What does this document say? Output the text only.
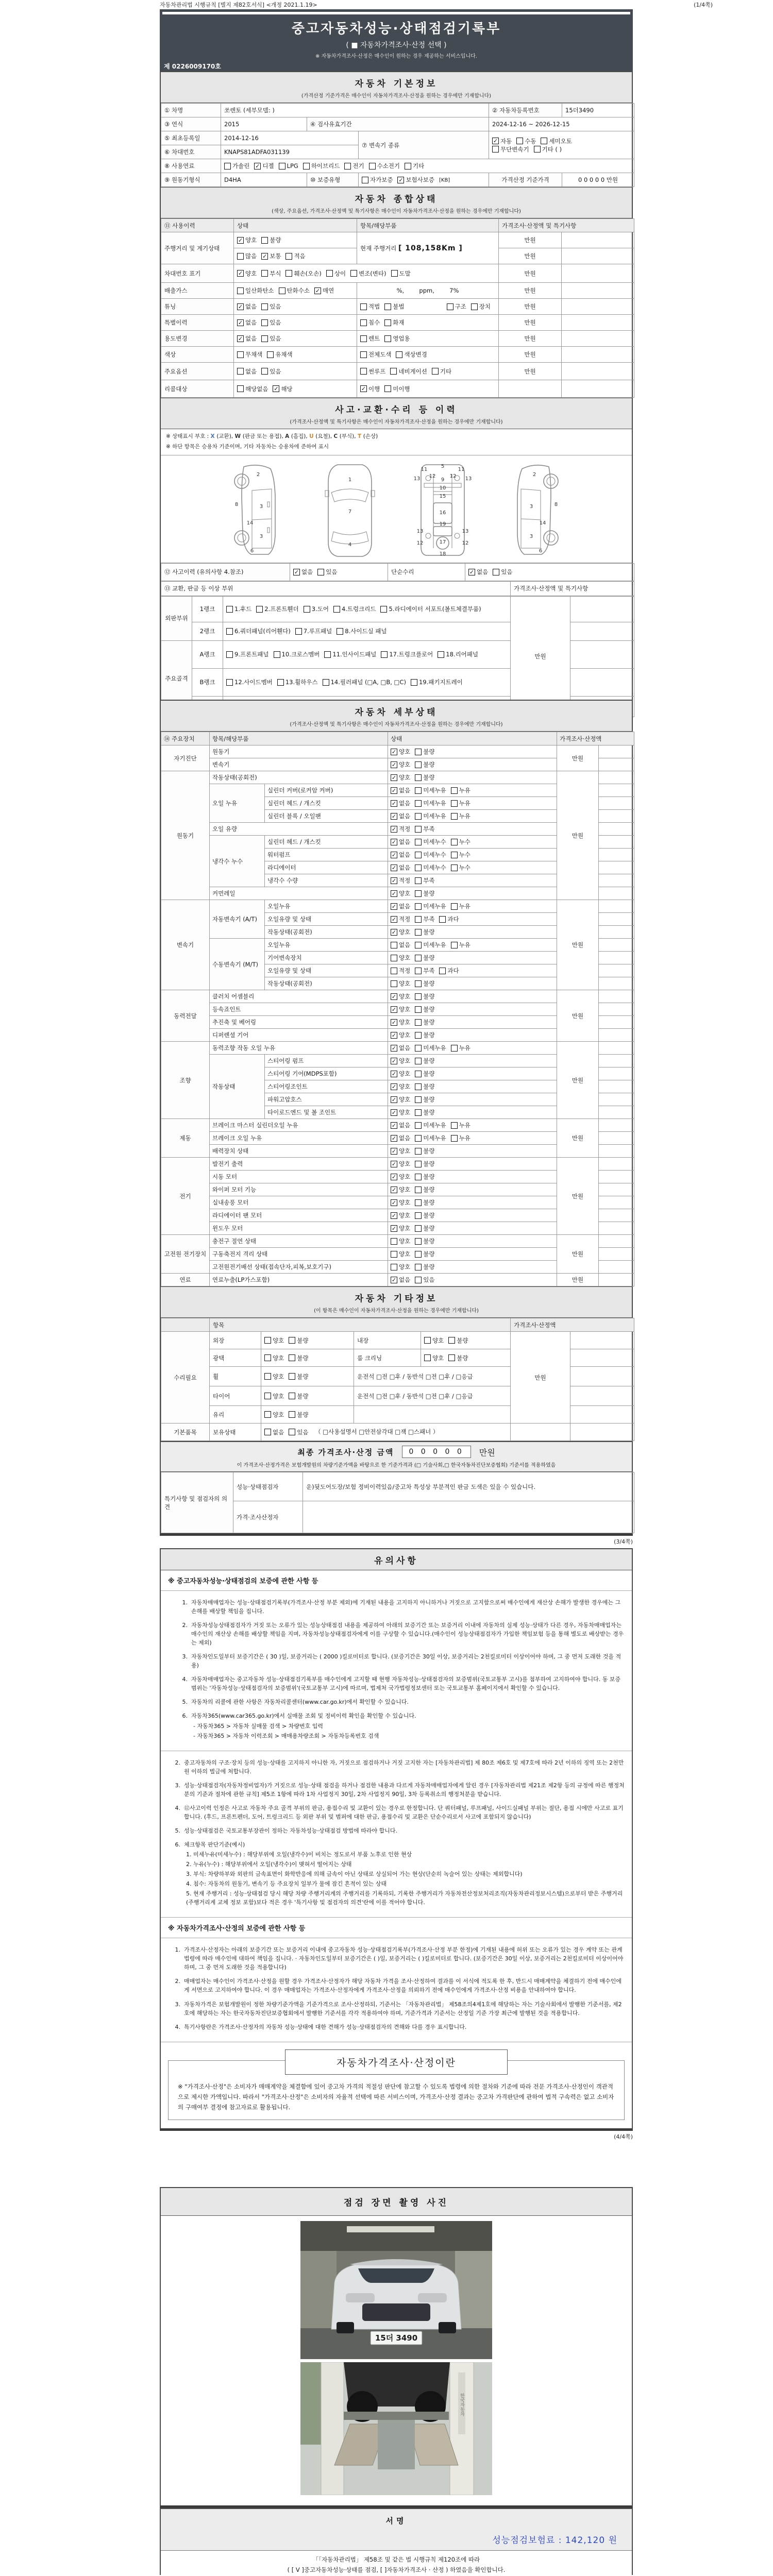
자동차관리법 시행규칙 [별지 제82호서식] <개정 2021.1.19>	(1/4쪽)
중고자동차성능·상태점검기록부
( ■ 자동차가격조사·산정 선택 )
※ 자동차가격조사·산정은 매수인이 원하는 경우 제공하는 서비스입니다.
제 0226009170호
자동차 기본정보
(가격산정 기준가격은 매수인이 자동차가격조사·산정을 원하는 경우에만 기재합니다)
① 차명	쏘렌토 (세부모델: )			② 자동차등록번호	15더3490
③ 연식	2015	④ 검사유효기간		2024-12-16 ~ 2026-12-15	
⑤ 최초등록일	2014-12-16	⑦ 변속기 종류	
✓ 자동 수동 세미오토
무단변속기 기타 ( )

⑥ 차대번호	KNAPS81ADFA031139				
⑧ 사용연료	가솔린 ✓ 디젤 LPG 하이브리드 전기 수소전기 기타

⑨ 원동기형식	D4HA	⑩ 보증유형	자가보증 ✓ 보험사보증 [KB]	가격산정 기준가격	0 0 0 0 0 만원
자동차 종합상태
(색상, 주요옵션, 가격조사·산정액 및 특기사항은 매수인이 자동차가격조사·산정을 원하는 경우에만 기재합니다)
⑪ 사용이력	상태	항목/해당부품	가격조사·산정액 및 특기사항	
주행거리 및 계기상태	✓ 양호 불량	현재 주행거리 [ 108,158Km ]	만원	

	많음 ✓ 보통 적음		만원	
차대번호 표기	✓ 양호 부식 훼손(오손) 상이 변조(변타) 도말	만원	
배출가스	일산화탄소 탄화수소 ✓ 매연	%,        ppm,        7%	만원	
튜닝	✓ 없음 있음	적법 불법 구조 장치	만원	
특별이력	✓ 없음 있음	침수 화재	만원	
용도변경	✓ 없음 있음	렌트 영업용	만원	
색상	무채색 유채색	전체도색 색상변경	만원	
주요옵션	없음 있음	썬루프 네비게이션 기타	만원	
리콜대상	해당없음 ✓ 해당	✓ 이행 미이행		

사고·교환·수리 등 이력
(가격조사·산정액 및 특기사항은 매수인이 자동차가격조사·산정을 원하는 경우에만 기재합니다)
※ 상태표시 부호 : X (교환), W (판금 또는 용접), A (흠집), U (요철), C (부식), T (손상)
※ 하단 항목은 승용차 기준이며, 기타 자동차는 승용차에 준하여 표시
2
8	3
14
3
6
1
7
4
11
5
11
13 12	12 13
9
10
15
16
19
13	13
12	17	12
18
2
3	8
14
3
6
⑫ 사고이력 (유의사항 4.참조)	✓ 없음 있음	단순수리	✓ 없음 있음
⑬ 교환, 판금 등 이상 부위	가격조사·산정액 및 특기사항
외판부위	1랭크	1.후드 2.프론트휀더 3.도어 4.트렁크리드 5.라디에이터 서포트(볼트체결부품)	만원	
	2랭크	6.쿼더패널(리어휀다) 7.루프패널 8.사이드실 패널		

주요골격	A랭크	9.프론트패널 10.크로스멤버 11.인사이드패널 17.트렁크플로어 18.리어패널		

	B랭크	12.사이드멤버 13.휠하우스 14.필러패널 (□A, □B, □C) 19.패키지트레이		

자동차 세부상태
(가격조사·산정액 및 특기사항은 매수인이 자동차가격조사·산정을 원하는 경우에만 기재합니다)
⑭ 주요장치	항목/해당부품		상태	가격조사·산정액	
자기진단	원동기		✓ 양호 불량	만원	
	변속기		✓ 양호 불량		

원동기	작동상태(공회전)		✓ 양호 불량	만원	
	오일 누유	실린더 커버(로커암 커버)	✓ 없음 미세누유 누유		

		실린더 헤드 / 개스킷	✓ 없음 미세누유 누유		

		실린더 블록 / 오일팬	✓ 없음 미세누유 누유		

	오일 유량		✓ 적정 부족		

	냉각수 누수	실린더 헤드 / 개스킷	✓ 없음 미세누수 누수		

		워터펌프	✓ 없음 미세누수 누수		

		라디에이터	✓ 없음 미세누수 누수		

		냉각수 수량	✓ 적정 부족		

	커먼레일		✓ 양호 불량		

변속기	자동변속기 (A/T)	오일누유	✓ 없음 미세누유 누유	만원	
		오일유량 및 상태	✓ 적정 부족 과다		

		작동상태(공회전)	✓ 양호 불량		

	수동변속기 (M/T)	오일누유	없음 미세누유 누유		

		기어변속장치	양호 불량		

		오일유량 및 상태	적정 부족 과다		

		작동상태(공회전)	양호 불량		

동력전달	클러치 어셈블리		✓ 양호 불량	만원	
	등속죠인트		✓ 양호 불량		

	추진축 및 베어링		✓ 양호 불량		

	디퍼렌셜 기어		✓ 양호 불량		

조향	동력조향 작동 오일 누유		✓ 없음 미세누유 누유	만원	
	작동상태	스티어링 펌프	✓ 양호 불량		

		스티어링 기어(MDPS포함)	✓ 양호 불량		

		스티어링조인트	✓ 양호 불량		

		파워고압호스	✓ 양호 불량		

		타이로드엔드 및 볼 조인트	✓ 양호 불량		

제동	브레이크 마스터 실린더오일 누유		✓ 없음 미세누유 누유	만원	
	브레이크 오일 누유		✓ 없음 미세누유 누유		

	배력장치 상태		✓ 양호 불량		

전기	발전기 출력		✓ 양호 불량	만원	
	시동 모터		✓ 양호 불량		

	와이퍼 모터 기능		✓ 양호 불량		

	실내송풍 모터		✓ 양호 불량		

	라디에이터 팬 모터		✓ 양호 불량		

	윈도우 모터		✓ 양호 불량		

고전원 전기장치	충전구 절연 상태		양호 불량	만원	
	구동축전지 격리 상태		양호 불량		

	고전원전기배선 상태(접속단자,피복,보호기구)		양호 불량		

연료	연료누출(LP가스포함)		✓ 없음 있음	만원	
자동차 기타정보
(이 항목은 매수인이 자동차가격조사·산정을 원하는 경우에만 기재합니다)
	항목				가격조사·산정액	
수리필요	외장	양호 불량	내장	양호 불량	만원	
	광택	양호 불량	룸 크리닝	양호 불량		

	휠	양호 불량	운전석 □전 □후 / 동반석 □전 □후 / □응급			
	타이어	양호 불량	운전석 □전 □후 / 동반석 □전 □후 / □응급			
	유리	양호 불량				

기본품목	보유상태	없음 있음 （ □사용설명서 □안전삼각대 □잭 □스패너 ）				
최종 가격조사·산정 금액	0 0 0 0 0	만원
이 가격조사·산정가격은 보험개발원의 차량기준가액을 바탕으로 한 기준가격과 (□ 기술사회,□ 한국자동차진단보증협회) 기준서를 적용하였음
특기사항 및 점검자의 의견	성능·상태점검자	운)뒷도어도장/보험 정비이력있음/중고차 특성상 부분적인 판금 도색은 있을 수 있습니다.
	가격·조사산정자	
(3/4쪽)
유의사항
※ 중고자동차성능·상태점검의 보증에 관한 사항 등
1. 자동차매매업자는 성능·상태점검기록부(가격조사·산정 부분 제외)에 기재된 내용을 고지하지 아니하거나 거짓으로 고지함으로써 매수인에게 재산상 손해가 발생한 경우에는 그 손해를 배상할 책임을 집니다.
2. 자동차성능상태점검자가 거짓 또는 오류가 있는 성능상태점검 내용을 제공하여 아래의 보증기간 또는 보증거리 이내에 자동차의 실제 성능·상태가 다른 경우, 자동차매매업자는 매수인의 재산상 손해를 배상할 책임을 지며, 자동차성능상태점검자에게 이를 구상할 수 있습니다.(매수인이 성능상태점검자가 가입한 책임보험 등을 통해 별도로 배상받는 경우는 제외)
3. 자동차인도일부터 보증기간은 ( 30 )일, 보증거리는 ( 2000 )킬로미터로 합니다. (보증기간은 30일 이상, 보증거리는 2천킬로미터 이상이어야 하며, 그 중 먼저 도래한 것을 적용)
4. 자동차매매업자는 중고자동차 성능·상태점검기록부를 매수인에게 고지할 때 현행 자동차성능·상태점검자의 보증범위(국토교통부 고시)를 첨부하여 고지하여야 합니다. 동 보증범위는 '자동차성능·상태점검자의 보증범위'(국토교통부 고시)에 따르며, 법제처 국가법령정보센터 또는 국토교통부 홈페이지에서 확인할 수 있습니다.
5. 자동차의 리콜에 관한 사항은 자동차리콜센터(www.car.go.kr)에서 확인할 수 있습니다.
6. 자동차365(www.car365.go.kr)에서 실매물 조회 및 정비이력 확인을 확인할 수 있습니다.
- 자동차365 > 자동차 실매물 검색 > 차량번호 입력
- 자동차365 > 자동차 이력조회 > 매매용차량조회 > 자동차등록번호 검색
2. 중고자동차의 구조·장치 등의 성능·상태를 고지하지 아니한 자, 거짓으로 점검하거나 거짓 고지한 자는 [자동차관리법] 제 80조 제6호 및 제7호에 따라 2년 이하의 징역 또는 2천만원 이하의 벌금에 처합니다.
3. 성능·상태점검자(자동차정비업자)가 거짓으로 성능·상태 점검을 하거나 점검한 내용과 다르게 자동차매매업자에게 알린 경우 [자동차관리법 제21조 제2항 등의 규정에 따른 행정처분의 기준과 절차에 관한 규칙] 제5조 1항에 따라 1차 사업정지 30일, 2차 사업정지 90일, 3차 등록취소의 행정처분을 받습니다.
4. ⑫사고이력 인정은 사고로 자동차 주요 골격 부위의 판금, 용접수리 및 교환이 있는 경우로 한정합니다. 단 쿼터패널, 루프패널, 사이드실패널 부위는 절단, 용접 시에만 사고로 표기합니다. (후드, 프론트펜더, 도어, 트렁크리드 등 외판 부위 및 범퍼에 대한 판금, 용접수리 및 교환은 단순수리로서 사고에 포함되지 않습니다)
5. 성능·상태점검은 국토교통부장관이 정하는 자동차성능·상태점검 방법에 따라야 합니다.
6. 체크항목 판단기준(예시)
1. 미세누유(미세누수) : 해당부위에 오일(냉각수)이 비치는 정도로서 부품 노후로 인한 현상
2. 누유(누수) : 해당부위에서 오일(냉각수)이 맺혀서 떨어지는 상태
3. 부식: 차량하부와 외판의 금속표면이 화학반응에 의해 금속이 아닌 상태로 상실되어 가는 현상(단순히 녹슬어 있는 상태는 제외합니다)
4. 침수: 자동차의 원동기, 변속기 등 주요장치 일부가 물에 잠긴 흔적이 있는 상태
5. 현재 주행거리 : 성능·상태점검 당시 해당 차량 주행거리계의 주행거리를 기록하되, 기록한 주행거리가 자동차전산정보처리조직(자동차관리정보시스템)으로부터 받은 주행거리(주행거리계 교체 정보 포함)보다 적은 경우 '특기사항 및 점검자의 의견'란에 이를 적어야 합니다.
※ 자동차가격조사·산정의 보증에 관한 사항 등
1. 가격조사·산정자는 아래의 보증기간 또는 보증거리 이내에 중고자동차 성능·상태점검기록부(가격조사·산정 부분 한정)에 기재된 내용에 허위 또는 오류가 있는 경우 계약 또는 관계법령에 따라 매수인에 대하여 책임을 집니다. · 자동차인도일부터 보증기간은 ( )일, 보증거리는 ( )킬로미터로 합니다. (보증기간은 30일 이상, 보증거리는 2천킬로미터 이상이어야 하며, 그 중 먼저 도래한 것을 적용합니다)
2. 매매업자는 매수인이 가격조사·산정을 원할 경우 가격조사·산정자가 해당 자동차 가격을 조사·산정하여 결과를 이 서식에 적도록 한 후, 반드시 매매계약을 체결하기 전에 매수인에게 서면으로 고지하여야 합니다. 이 경우 매매업자는 가격조사·산정자에게 가격조사·산정을 의뢰하기 전에 매수인에게 가격조사·산정 비용을 안내하여야 합니다.
3. 자동차가격은 보험개발원이 정한 차량기준가액을 기준가격으로 조사·산정하되, 기준서는 「자동차관리법」 제58조의4제1호에 해당하는 자는 기술사회에서 발행한 기준서를, 제2호에 해당하는 자는 한국자동차진단보증협회에서 발행한 기준서를 각각 적용하여야 하며, 기준가격과 기준서는 산정일 기준 가장 최근에 발행된 것을 적용합니다.
4. 특기사항란은 가격조사·산정자의 자동차 성능·상태에 대한 견해가 성능·상태점검자의 견해와 다를 경우 표시합니다.
자동차가격조사·산정이란
※ "가격조사·산정"은 소비자가 매매계약을 체결함에 있어 중고차 가격의 적절성 판단에 참고할 수 있도록 법령에 의한 절차와 기준에 따라 전문 가격조사·산정인이 객관적으로 제시한 가액입니다. 따라서 "가격조사·산정"은 소비자의 자율적 선택에 따른 서비스이며, 가격조사·산정 결과는 중고차 가격판단에 관하여 법적 구속력은 없고 소비자의 구매여부 결정에 참고자료로 활용됩니다.
(4/4쪽)
점검 장면 촬영 사진
15더 3490
한국자동차
서명
성능점검보험료 : 142,120 원
「「자동차관리법」 제58조 및 같은 법 시행규칙 제120조에 따라
( [ V ]중고자동차성능·상태를 점검, [ ]자동차가격조사 · 산정 ) 하였음을 확인합니다.
